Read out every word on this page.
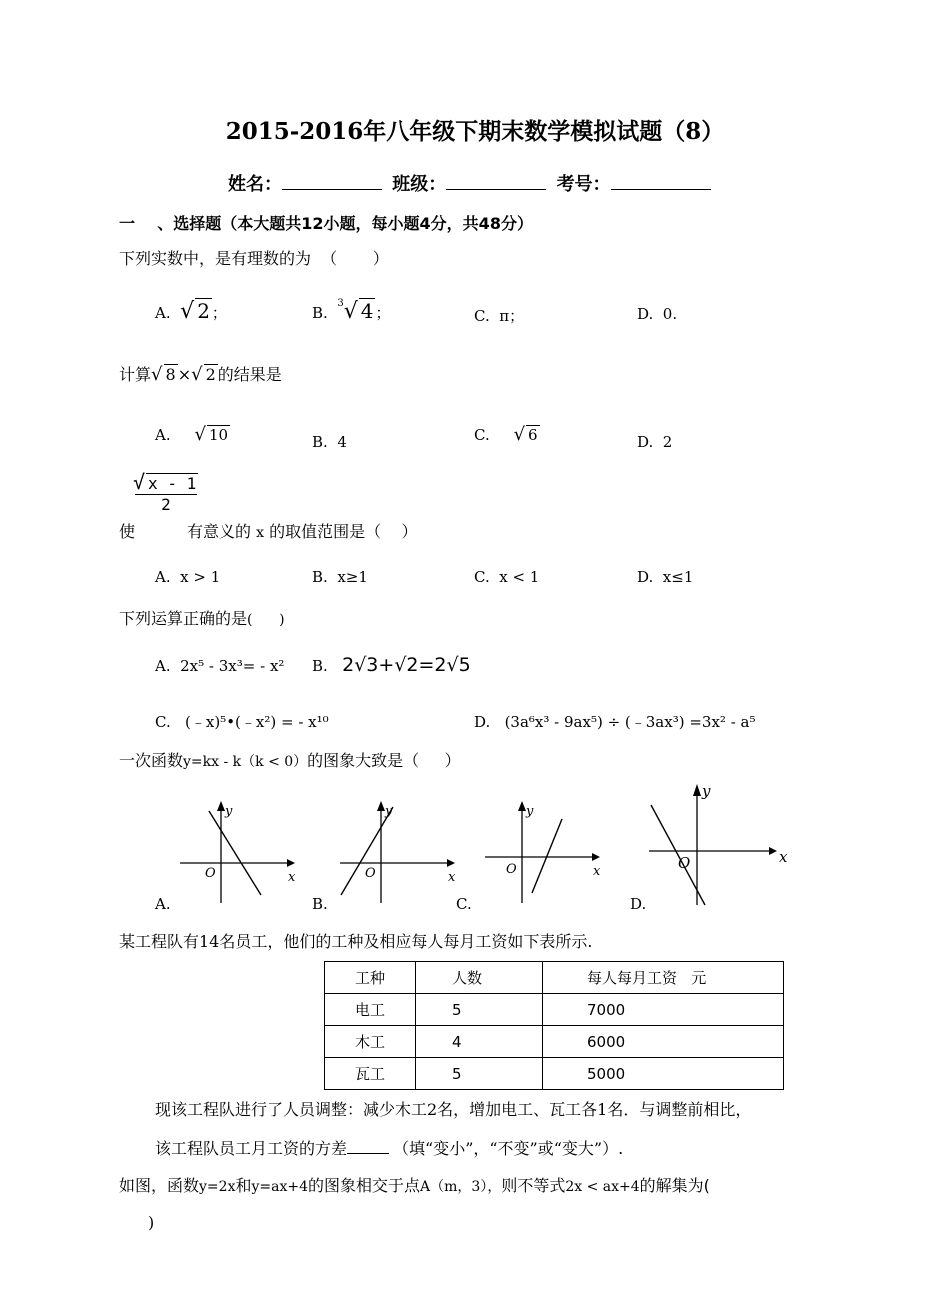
2015-2016年八年级下期末数学模拟试题（8）
姓名：	班级：	考号：
一    、选择题（本大题共12小题，每小题4分，共48分）
下列实数中，是有理数的为  （       ）
A. √ 2 ；	B.  $^3$√ 4 ；	C.  π；	D.  0.
计算√ 8 ×√ 2 的结果是
A. √ 10	B.  4	C. √ 6	D.  2
√ x - 1
2
使	有意义的 x 的取值范围是（    ）
A.  x > 1	B.  x≥1	C.  x < 1	D.  x≤1
下列运算正确的是(      )
A.  2x⁵ - 3x³= - x² B. 2√3+√2=2√5
C.   (﹣x)⁵•(﹣x²) = - x¹⁰	D.   (3a⁶x³ - 9ax⁵) ÷ (﹣3ax³) =3x² - a⁵
一次函数y=kx - k（k < 0）的图象大致是（     ）
y
x
O
y
x
O
y
x
O
y
x
O
A.	B.	C.	D.
某工程队有14名员工，他们的工种及相应每人每月工资如下表所示.
工种	人数	每人每月工资   元
电工	5	7000
木工	4	6000
瓦工	5	5000
现该工程队进行了人员调整：减少木工2名，增加电工、瓦工各1名．与调整前相比，
该工程队员工月工资的方差	（填“变小”，“不变”或“变大”）.
如图，函数y=2x和y=ax+4的图象相交于点A（m，3），则不等式2x < ax+4的解集为(
)
